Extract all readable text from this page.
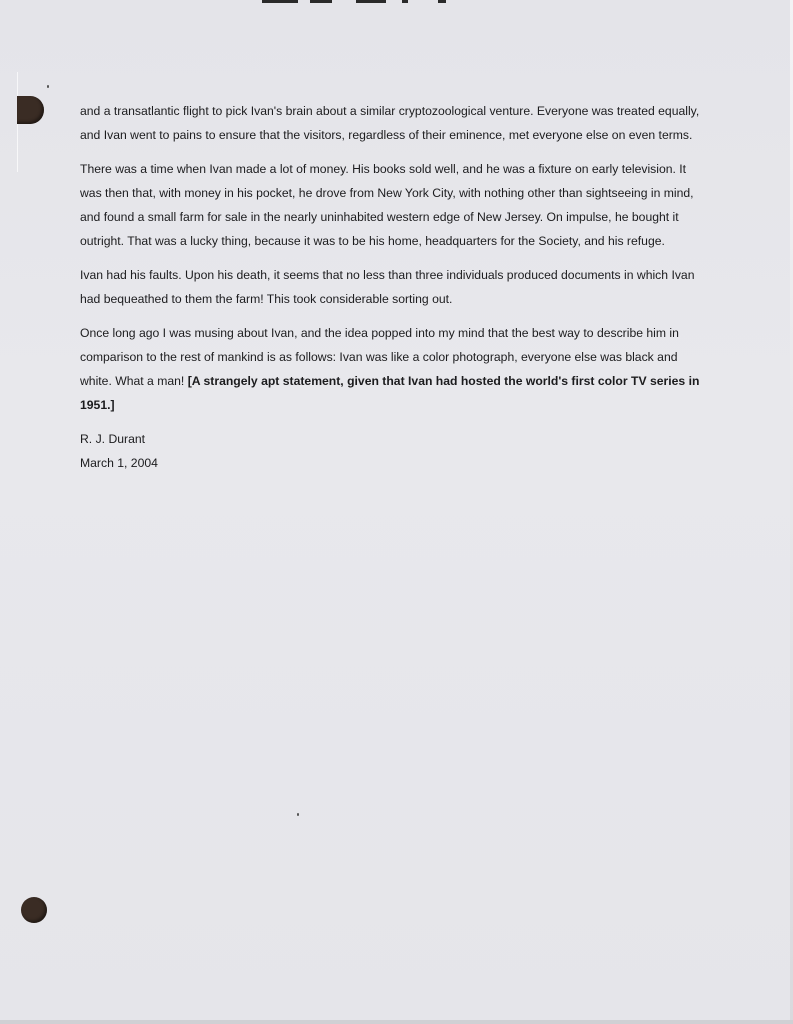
and a transatlantic flight to pick Ivan's brain about a similar cryptozoological venture. Everyone was treated equally, and Ivan went to pains to ensure that the visitors, regardless of their eminence, met everyone else on even terms.

There was a time when Ivan made a lot of money. His books sold well, and he was a fixture on early television. It was then that, with money in his pocket, he drove from New York City, with nothing other than sightseeing in mind, and found a small farm for sale in the nearly uninhabited western edge of New Jersey. On impulse, he bought it outright. That was a lucky thing, because it was to be his home, headquarters for the Society, and his refuge.

Ivan had his faults. Upon his death, it seems that no less than three individuals produced documents in which Ivan had bequeathed to them the farm! This took considerable sorting out.

Once long ago I was musing about Ivan, and the idea popped into my mind that the best way to describe him in comparison to the rest of mankind is as follows: Ivan was like a color photograph, everyone else was black and white. What a man! [A strangely apt statement, given that Ivan had hosted the world's first color TV series in 1951.]

R. J. Durant

March 1, 2004
